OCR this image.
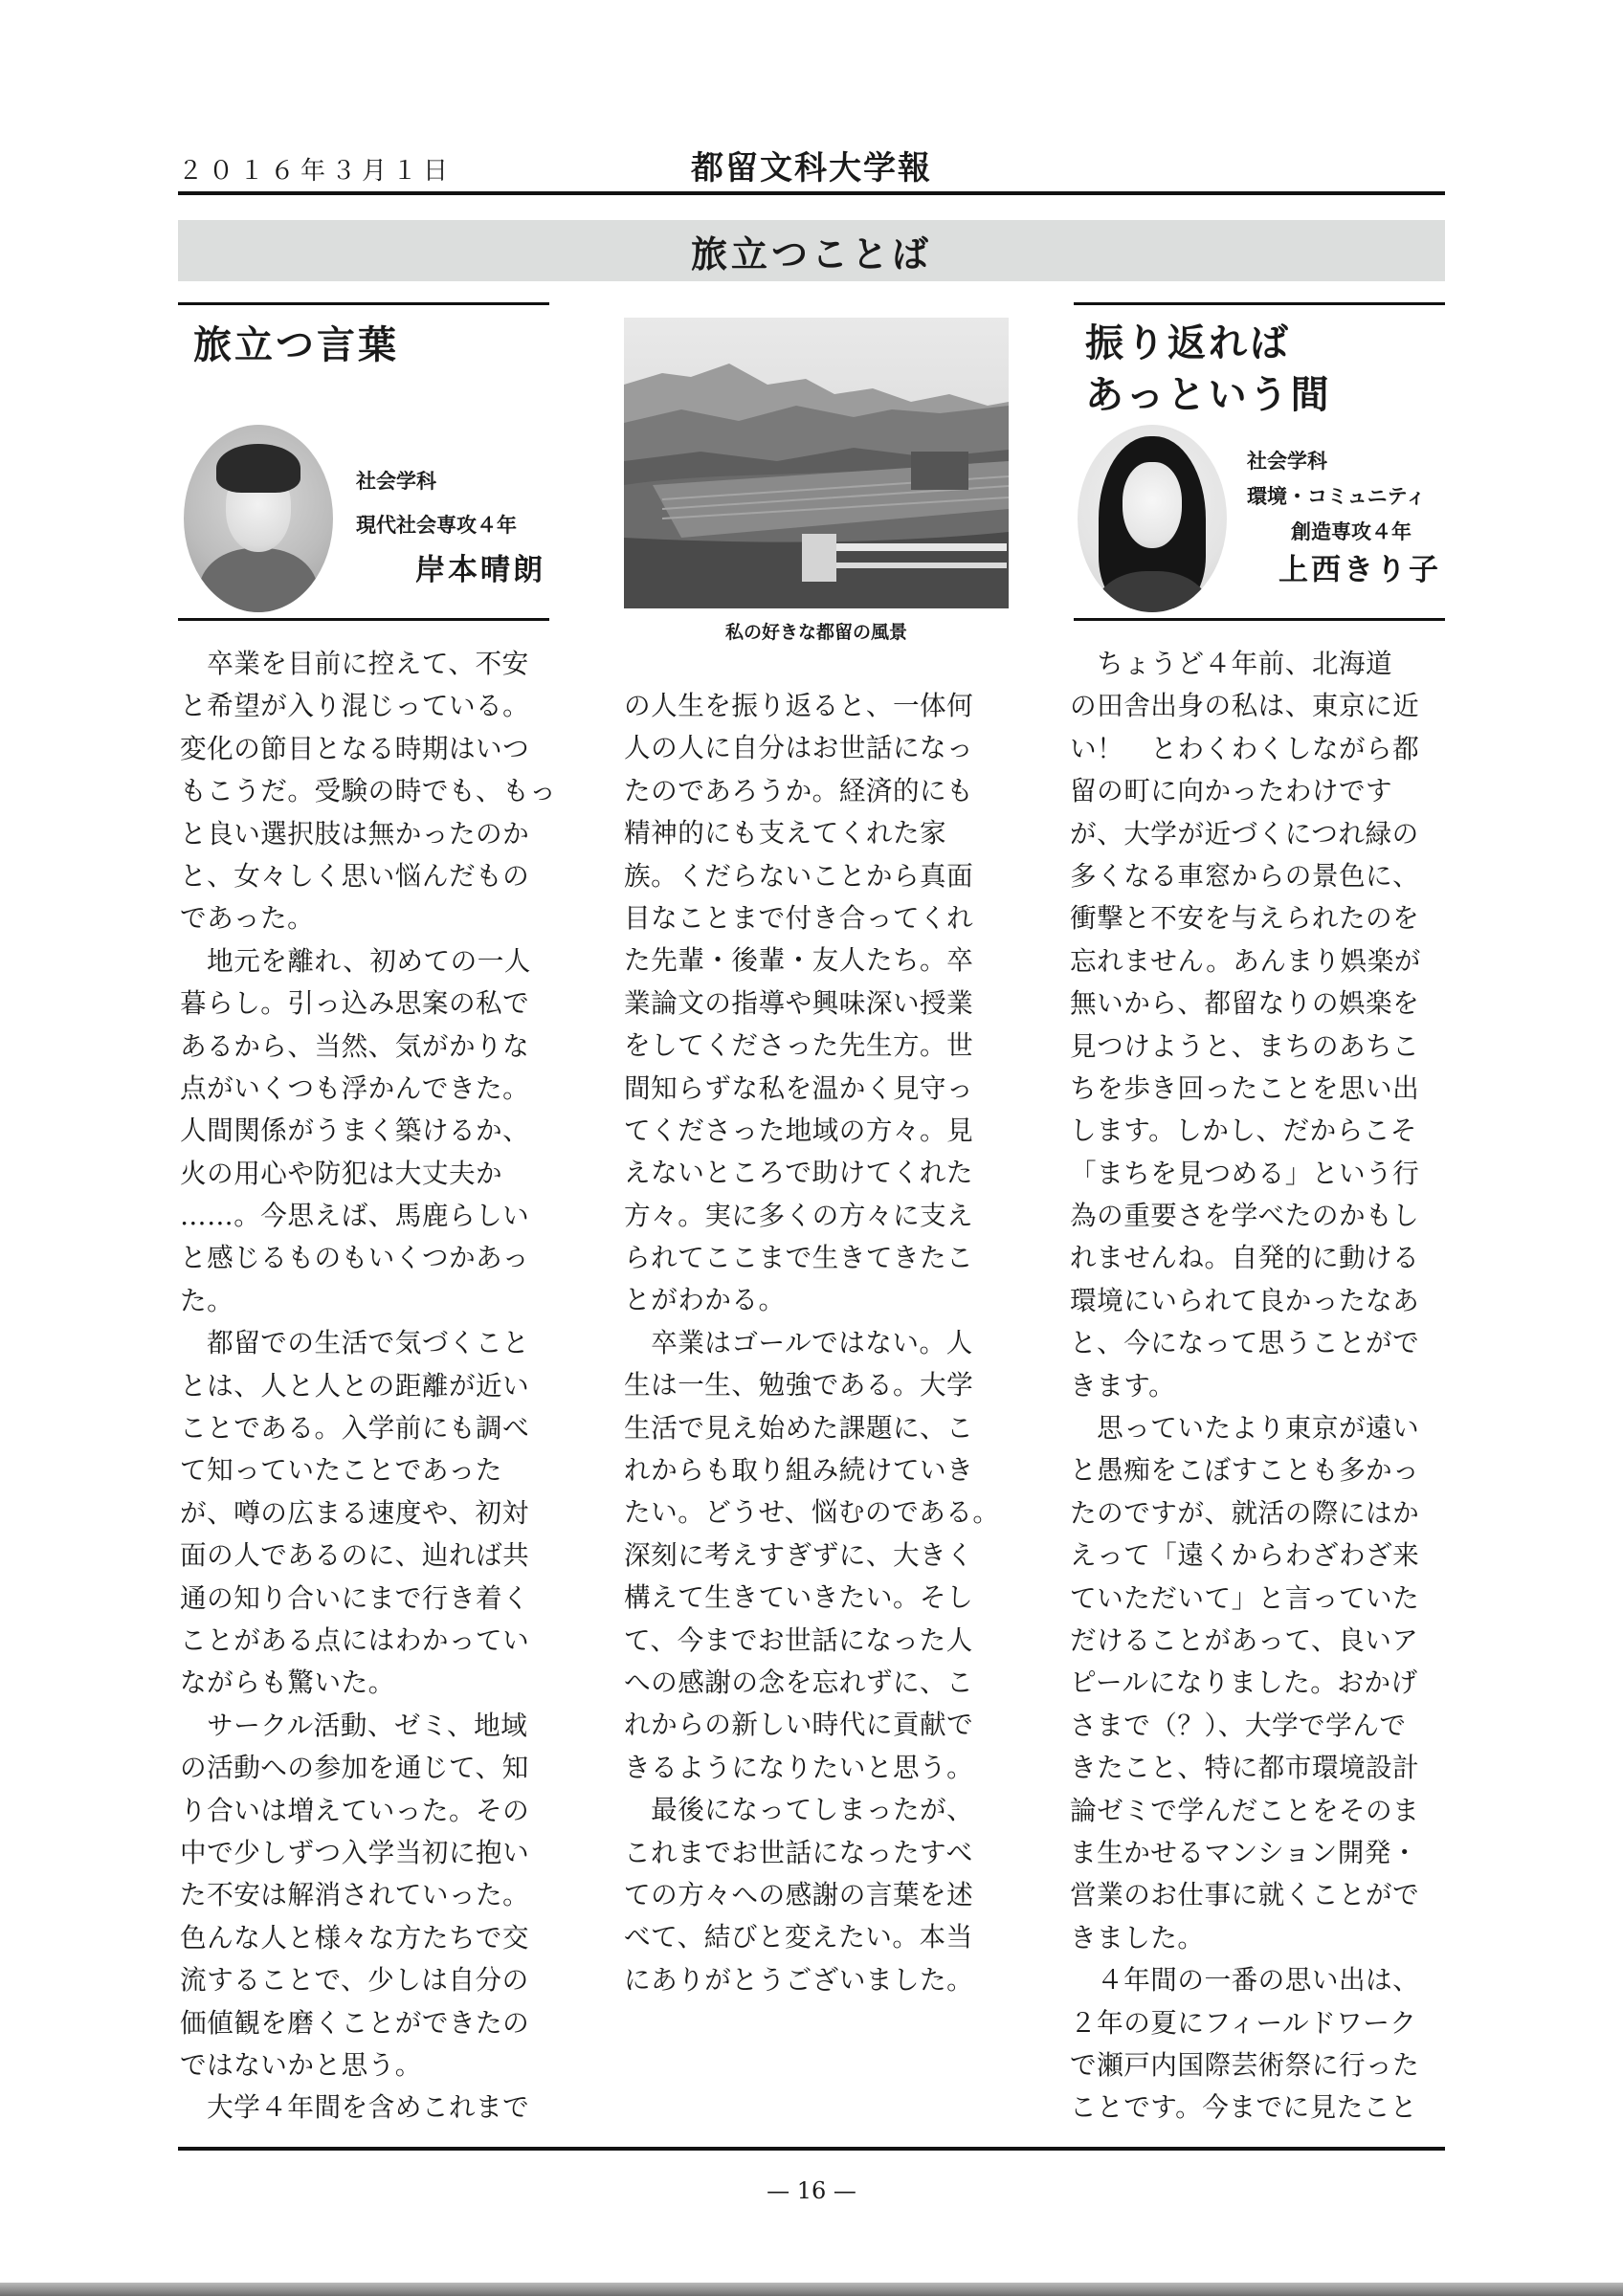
２０１６年３月１日	都留文科大学報
旅立つことば
旅立つ言葉
社会学科
現代社会専攻４年
岸本晴朗
　卒業を目前に控えて、不安
と希望が入り混じっている。
変化の節目となる時期はいつ
もこうだ。受験の時でも、もっ
と良い選択肢は無かったのか
と、女々しく思い悩んだもの
であった。
　地元を離れ、初めての一人
暮らし。引っ込み思案の私で
あるから、当然、気がかりな
点がいくつも浮かんできた。
人間関係がうまく築けるか、
火の用心や防犯は大丈夫か
……。今思えば、馬鹿らしい
と感じるものもいくつかあっ
た。
　都留での生活で気づくこと
とは、人と人との距離が近い
ことである。入学前にも調べ
て知っていたことであった
が、噂の広まる速度や、初対
面の人であるのに、辿れば共
通の知り合いにまで行き着く
ことがある点にはわかってい
ながらも驚いた。
　サークル活動、ゼミ、地域
の活動への参加を通じて、知
り合いは増えていった。その
中で少しずつ入学当初に抱い
た不安は解消されていった。
色んな人と様々な方たちで交
流することで、少しは自分の
価値観を磨くことができたの
ではないかと思う。
　大学４年間を含めこれまで
私の好きな都留の風景
の人生を振り返ると、一体何
人の人に自分はお世話になっ
たのであろうか。経済的にも
精神的にも支えてくれた家
族。くだらないことから真面
目なことまで付き合ってくれ
た先輩・後輩・友人たち。卒
業論文の指導や興味深い授業
をしてくださった先生方。世
間知らずな私を温かく見守っ
てくださった地域の方々。見
えないところで助けてくれた
方々。実に多くの方々に支え
られてここまで生きてきたこ
とがわかる。
　卒業はゴールではない。人
生は一生、勉強である。大学
生活で見え始めた課題に、こ
れからも取り組み続けていき
たい。どうせ、悩むのである。
深刻に考えすぎずに、大きく
構えて生きていきたい。そし
て、今までお世話になった人
への感謝の念を忘れずに、こ
れからの新しい時代に貢献で
きるようになりたいと思う。
　最後になってしまったが、
これまでお世話になったすべ
ての方々への感謝の言葉を述
べて、結びと変えたい。本当
にありがとうございました。
振り返れば
あっという間
社会学科
環境・コミュニティ
創造専攻４年
上西きり子
　ちょうど４年前、北海道
の田舎出身の私は、東京に近
い！　とわくわくしながら都
留の町に向かったわけです
が、大学が近づくにつれ緑の
多くなる車窓からの景色に、
衝撃と不安を与えられたのを
忘れません。あんまり娯楽が
無いから、都留なりの娯楽を
見つけようと、まちのあちこ
ちを歩き回ったことを思い出
します。しかし、だからこそ
「まちを見つめる」という行
為の重要さを学べたのかもし
れませんね。自発的に動ける
環境にいられて良かったなあ
と、今になって思うことがで
きます。
　思っていたより東京が遠い
と愚痴をこぼすことも多かっ
たのですが、就活の際にはか
えって「遠くからわざわざ来
ていただいて」と言っていた
だけることがあって、良いア
ピールになりました。おかげ
さまで（？）、大学で学んで
きたこと、特に都市環境設計
論ゼミで学んだことをそのま
ま生かせるマンション開発・
営業のお仕事に就くことがで
きました。
　４年間の一番の思い出は、
２年の夏にフィールドワーク
で瀬戸内国際芸術祭に行った
ことです。今までに見たこと
— 16 —
